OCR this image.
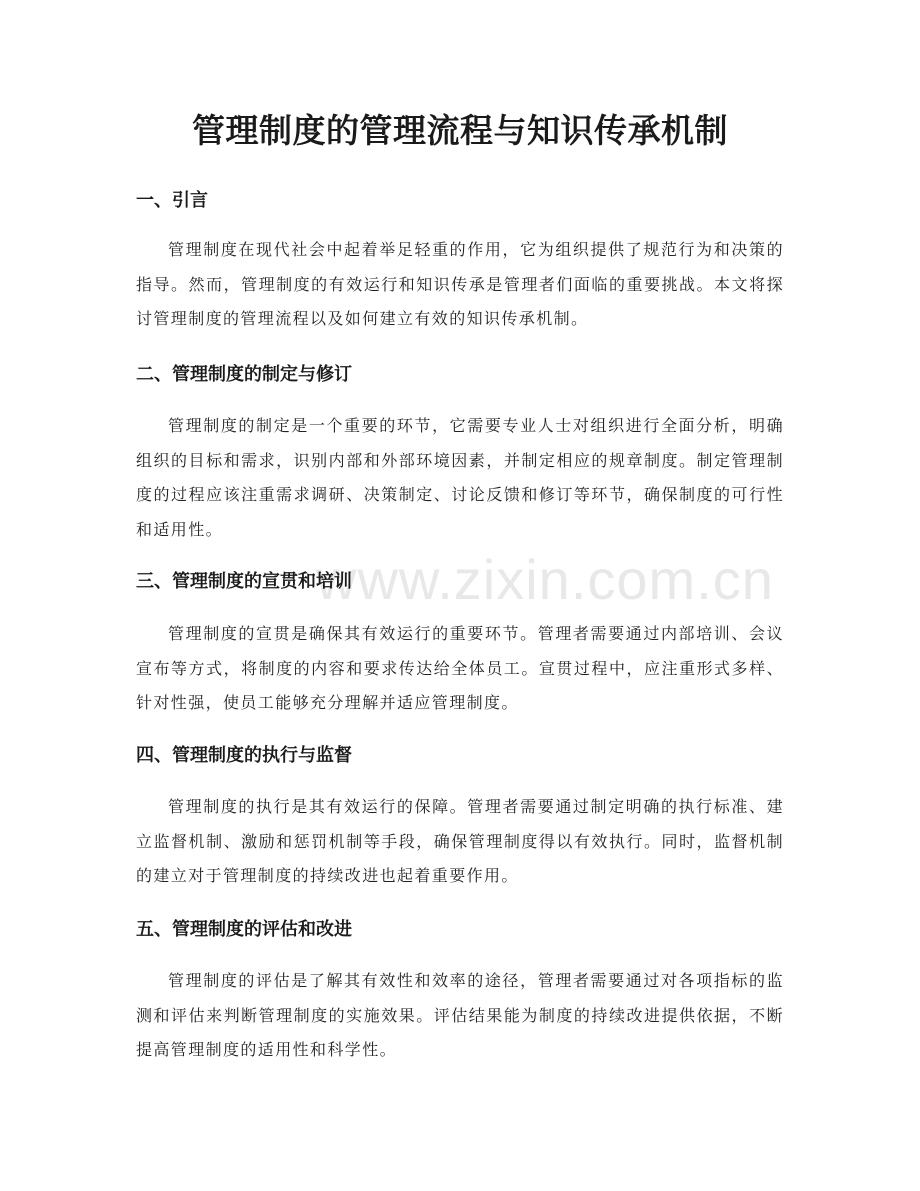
www.zixin.com.cn
管理制度的管理流程与知识传承机制
一、引言

管理制度在现代社会中起着举足轻重的作用，它为组织提供了规范行为和决策的指导。然而，管理制度的有效运行和知识传承是管理者们面临的重要挑战。本文将探讨管理制度的管理流程以及如何建立有效的知识传承机制。

二、管理制度的制定与修订

管理制度的制定是一个重要的环节，它需要专业人士对组织进行全面分析，明确组织的目标和需求，识别内部和外部环境因素，并制定相应的规章制度。制定管理制度的过程应该注重需求调研、决策制定、讨论反馈和修订等环节，确保制度的可行性和适用性。

三、管理制度的宣贯和培训

管理制度的宣贯是确保其有效运行的重要环节。管理者需要通过内部培训、会议宣布等方式，将制度的内容和要求传达给全体员工。宣贯过程中，应注重形式多样、针对性强，使员工能够充分理解并适应管理制度。

四、管理制度的执行与监督

管理制度的执行是其有效运行的保障。管理者需要通过制定明确的执行标准、建立监督机制、激励和惩罚机制等手段，确保管理制度得以有效执行。同时，监督机制的建立对于管理制度的持续改进也起着重要作用。

五、管理制度的评估和改进

管理制度的评估是了解其有效性和效率的途径，管理者需要通过对各项指标的监测和评估来判断管理制度的实施效果。评估结果能为制度的持续改进提供依据，不断提高管理制度的适用性和科学性。
